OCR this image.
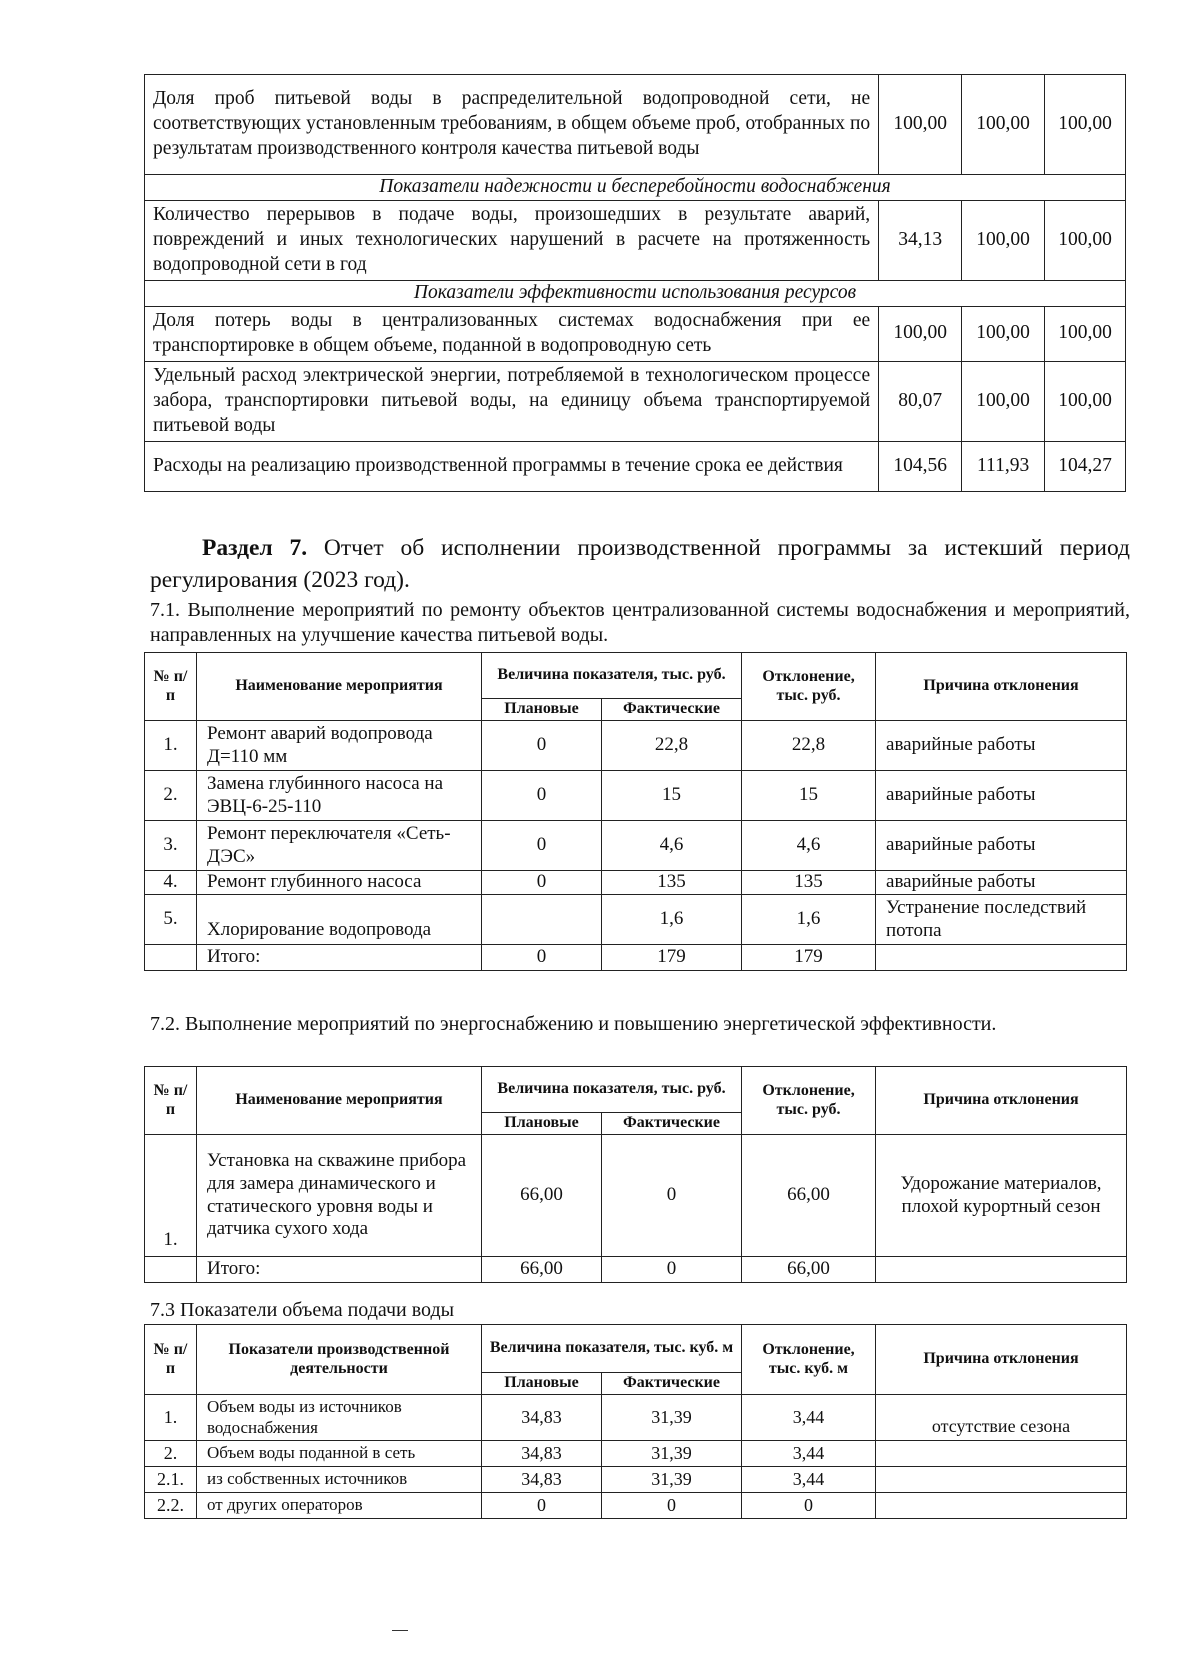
Доля проб питьевой воды в распределительной водопроводной сети, не соответствующих установленным требованиям, в общем объеме проб, отобранных по результатам производственного контроля качества питьевой воды	100,00	100,00	100,00
Показатели надежности и бесперебойности водоснабжения			
Количество перерывов в подаче воды, произошедших в результате аварий, повреждений и иных технологических нарушений в расчете на протяженность водопроводной сети в год	34,13	100,00	100,00
Показатели эффективности использования ресурсов			
Доля потерь воды в централизованных системах водоснабжения при ее транспортировке в общем объеме, поданной в водопроводную сеть	100,00	100,00	100,00
Удельный расход электрической энергии, потребляемой в технологическом процессе забора, транспортировки питьевой воды, на единицу объема транспортируемой питьевой воды	80,07	100,00	100,00
Расходы на реализацию производственной программы в течение срока ее действия	104,56	111,93	104,27
Раздел 7. Отчет об исполнении производственной программы за истекший период регулирования (2023 год).
7.1. Выполнение мероприятий по ремонту объектов централизованной системы водоснабжения и мероприятий, направленных на улучшение качества питьевой воды.
№ п/п	Наименование мероприятия	Величина показателя, тыс. руб.		Отклонение, тыс. руб.	Причина отклонения
		Плановые	Фактические		
1.	Ремонт аварий водопровода Д=110 мм	0	22,8	22,8	аварийные работы
2.	Замена глубинного насоса на ЭВЦ-6-25-110	0	15	15	аварийные работы
3.	Ремонт переключателя «Сеть-ДЭС»	0	4,6	4,6	аварийные работы
4.	Ремонт глубинного насоса	0	135	135	аварийные работы
5.	Хлорирование водопровода		1,6	1,6	Устранение последствий потопа
	Итого:	0	179	179	
7.2. Выполнение мероприятий по энергоснабжению и повышению энергетической эффективности.
№ п/п	Наименование мероприятия	Величина показателя, тыс. руб.		Отклонение, тыс. руб.	Причина отклонения
		Плановые	Фактические		
1.	Установка на скважине прибора для замера динамического и статического уровня воды и датчика сухого хода	66,00	0	66,00	Удорожание материалов, плохой курортный сезон
	Итого:	66,00	0	66,00	
7.3 Показатели объема подачи воды
№ п/п	Показатели производственной деятельности	Величина показателя, тыс. куб. м		Отклонение, тыс. куб. м	Причина отклонения
		Плановые	Фактические		
1.	Объем воды из источников водоснабжения	34,83	31,39	3,44	отсутствие сезона
2.	Объем воды поданной в сеть	34,83	31,39	3,44	
2.1.	из собственных источников	34,83	31,39	3,44	
2.2.	от других операторов	0	0	0	
